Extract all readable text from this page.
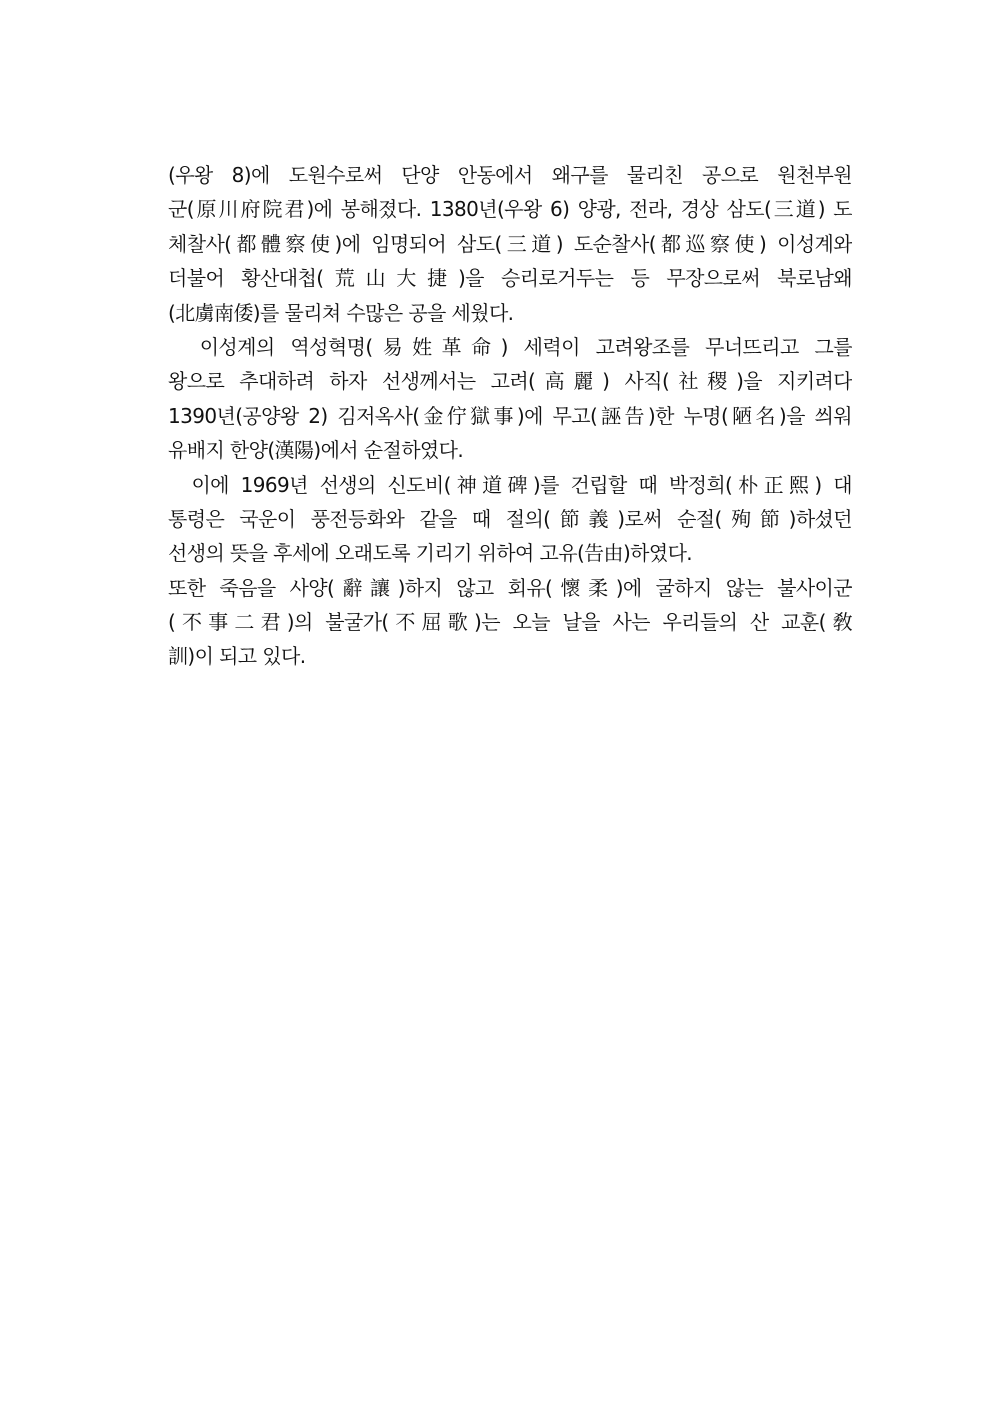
(우왕 8)에 도원수로써 단양 안동에서 왜구를 물리친 공으로 원천부원
군(原川府院君)에 봉해졌다. 1380년(우왕 6) 양광, 전라, 경상 삼도(三道) 도
체찰사(都體察使)에 임명되어 삼도(三道) 도순찰사(都巡察使) 이성계와
더불어 황산대첩(荒山大捷)을 승리로거두는 등 무장으로써 북로남왜
(北虜南倭)를 물리쳐 수많은 공을 세웠다.
이성계의 역성혁명(易姓革命) 세력이 고려왕조를 무너뜨리고 그를
왕으로 추대하려 하자 선생께서는 고려(高麗) 사직(社稷)을 지키려다
1390년(공양왕 2) 김저옥사(金佇獄事)에 무고(誣告)한 누명(陋名)을 씌워
유배지 한양(漢陽)에서 순절하였다.
이에 1969년 선생의 신도비(神道碑)를 건립할 때 박정희(朴正熙) 대
통령은 국운이 풍전등화와 같을 때 절의(節義)로써 순절(殉節)하셨던
선생의 뜻을 후세에 오래도록 기리기 위하여 고유(告由)하였다.
또한 죽음을 사양(辭讓)하지 않고 회유(懷柔)에 굴하지 않는 불사이군
(不事二君)의 불굴가(不屈歌)는 오늘 날을 사는 우리들의 산 교훈(敎
訓)이 되고 있다.
